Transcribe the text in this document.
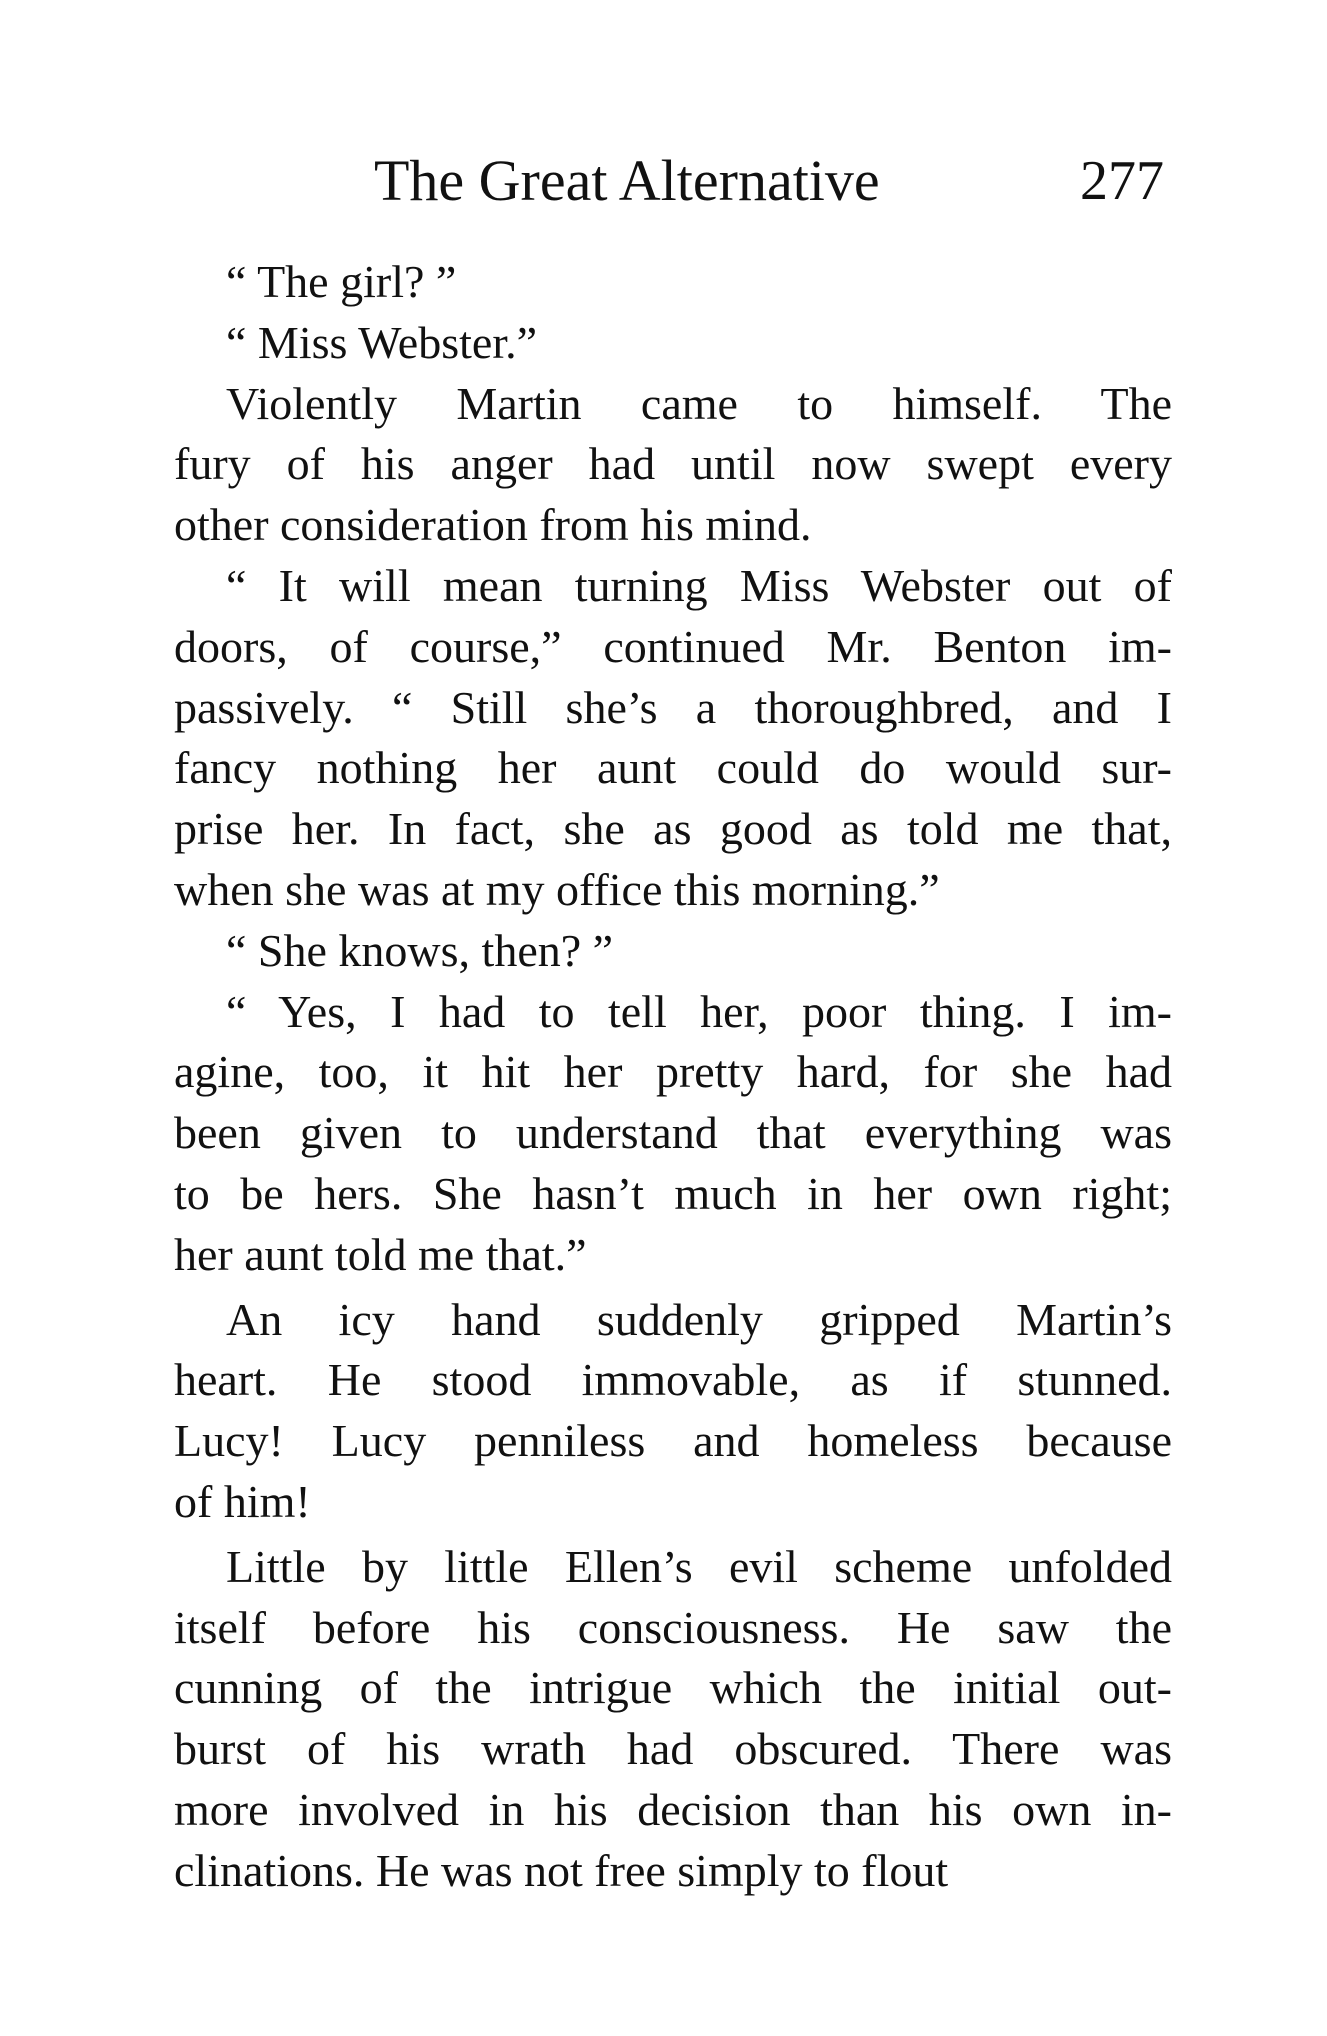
The Great Alternative	277
“ The girl? ”
“ Miss Webster.”
Violently Martin came to himself. The
fury of his anger had until now swept every
other consideration from his mind.
“ It will mean turning Miss Webster out of
doors, of course,” continued Mr. Benton im-
passively. “ Still she’s a thoroughbred, and I
fancy nothing her aunt could do would sur-
prise her. In fact, she as good as told me that,
when she was at my office this morning.”
“ She knows, then? ”
“ Yes, I had to tell her, poor thing. I im-
agine, too, it hit her pretty hard, for she had
been given to understand that everything was
to be hers. She hasn’t much in her own right;
her aunt told me that.”
An icy hand suddenly gripped Martin’s
heart. He stood immovable, as if stunned.
Lucy! Lucy penniless and homeless because
of him!
Little by little Ellen’s evil scheme unfolded
itself before his consciousness. He saw the
cunning of the intrigue which the initial out-
burst of his wrath had obscured. There was
more involved in his decision than his own in-
clinations. He was not free simply to flout
